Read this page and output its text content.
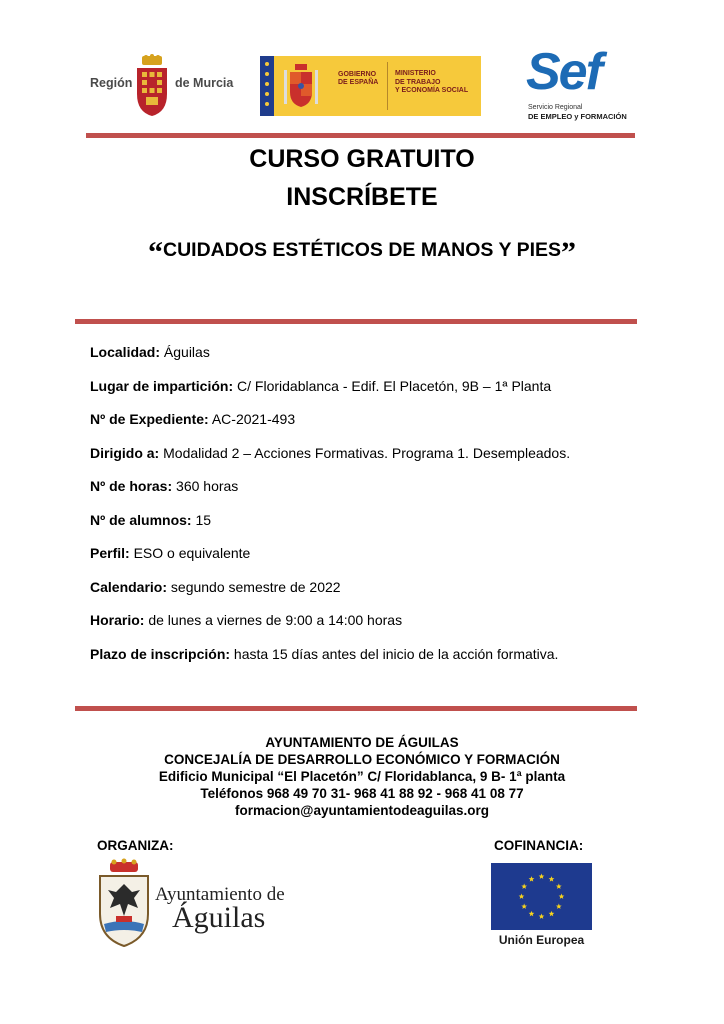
Región	de Murcia
GOBIERNO
DE ESPAÑA
MINISTERIO
DE TRABAJO
Y ECONOMÍA SOCIAL Sef
Servicio Regional
DE EMPLEO y FORMACIÓN
CURSO GRATUITO
INSCRÍBETE
“CUIDADOS ESTÉTICOS DE MANOS Y PIES”
Localidad: Águilas
Lugar de impartición: C/ Floridablanca - Edif. El Placetón, 9B – 1ª Planta
Nº de Expediente: AC-2021-493
Dirigido a: Modalidad 2 – Acciones Formativas. Programa 1. Desempleados.
Nº de horas: 360 horas
Nº de alumnos: 15
Perfil: ESO o equivalente
Calendario: segundo semestre de 2022
Horario: de lunes a viernes de 9:00 a 14:00 horas
Plazo de inscripción: hasta 15 días antes del inicio de la acción formativa.
AYUNTAMIENTO DE ÁGUILAS
CONCEJALÍA DE DESARROLLO ECONÓMICO Y FORMACIÓN
Edificio Municipal “El Placetón” C/ Floridablanca, 9 B- 1ª planta
Teléfonos 968 49 70 31- 968 41 88 92 - 968 41 08 77
formacion@ayuntamientodeaguilas.org
ORGANIZA:	COFINANCIA:
Ayuntamiento de
Águilas
Unión Europea
